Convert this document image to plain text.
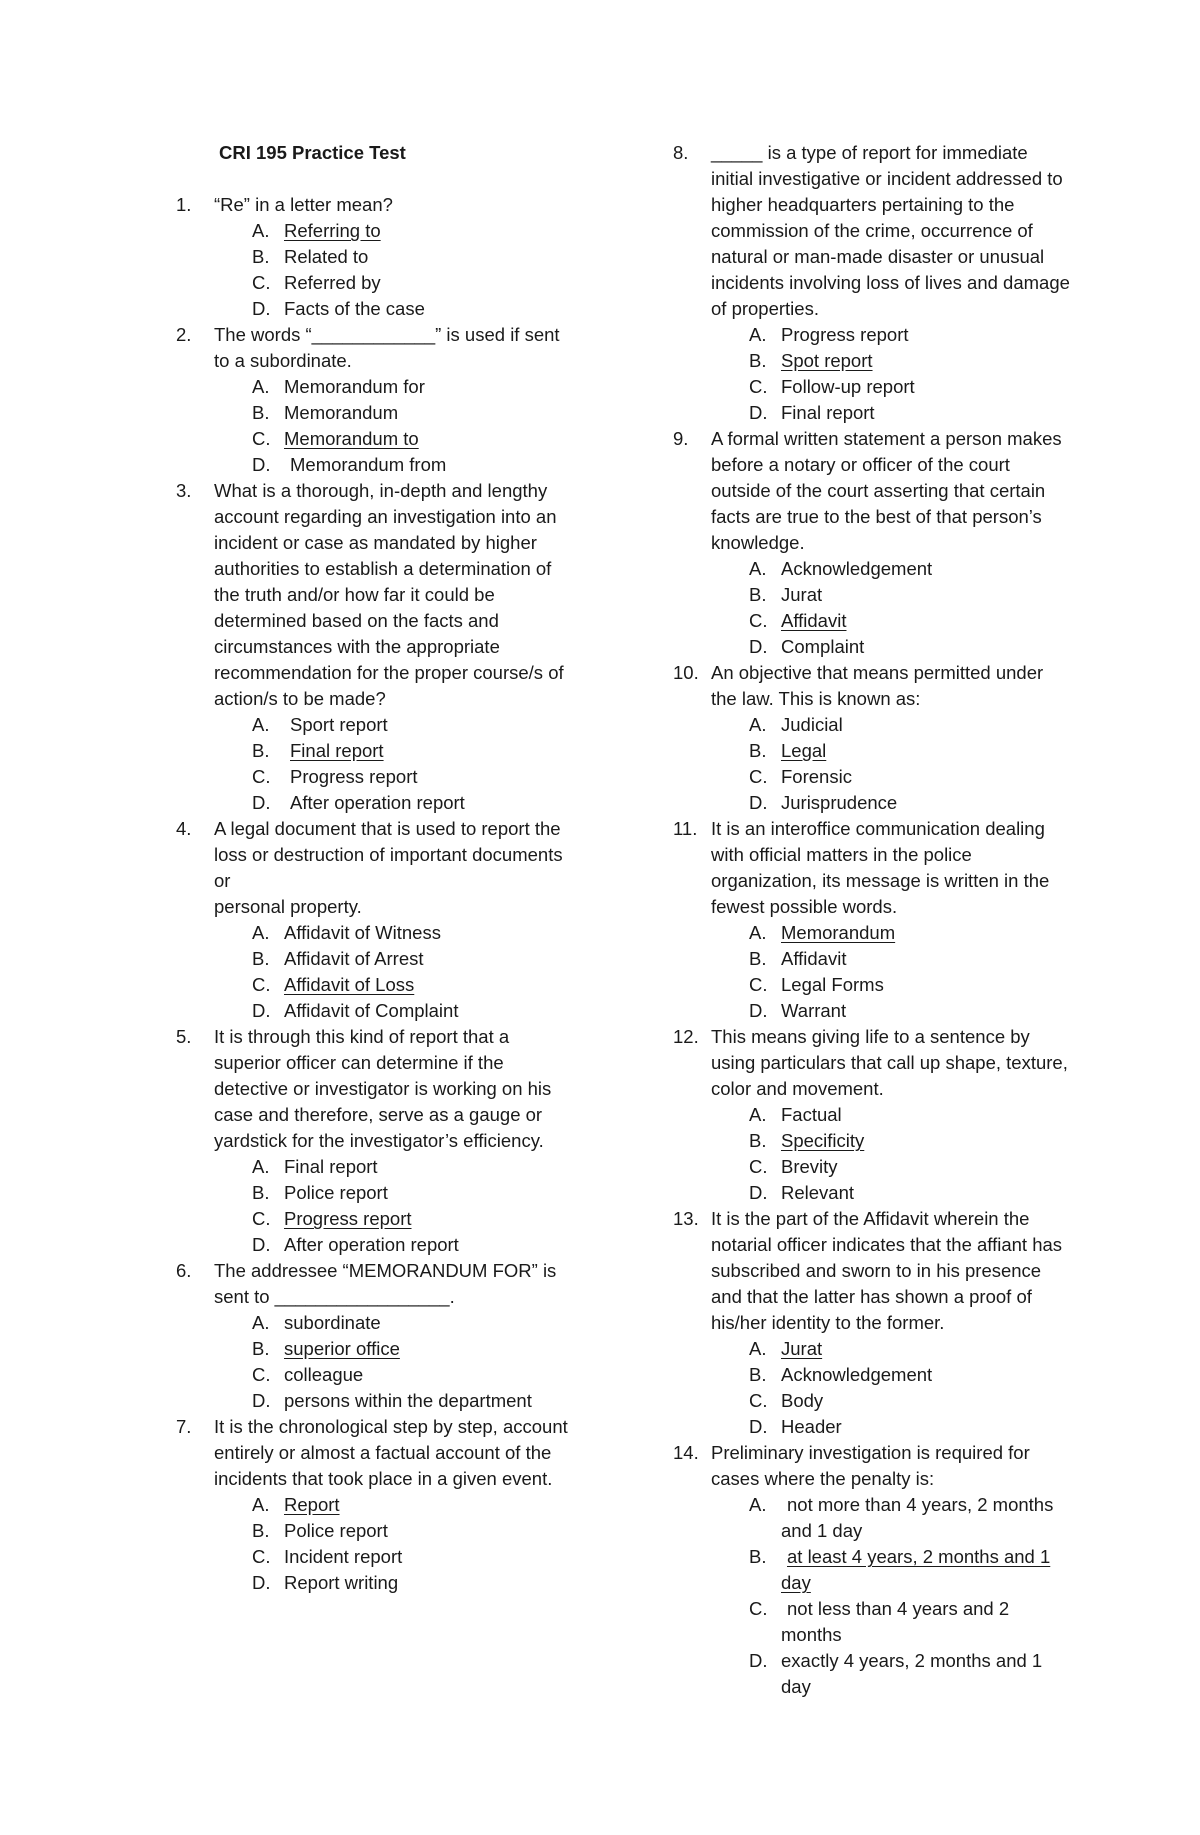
CRI 195 Practice Test
1. “Re” in a letter mean?
A. Referring to
B. Related to
C. Referred by
D. Facts of the case
2. The words “____________” is used if sent to a subordinate.
A. Memorandum for
B. Memorandum
C. Memorandum to
D. Memorandum from
3. What is a thorough, in-depth and lengthy account regarding an investigation into an incident or case as mandated by higher authorities to establish a determination of the truth and/or how far it could be determined based on the facts and circumstances with the appropriate recommendation for the proper course/s of action/s to be made?
A. Sport report
B. Final report
C. Progress report
D. After operation report
4. A legal document that is used to report the loss or destruction of important documents or
personal property.
A. Affidavit of Witness
B. Affidavit of Arrest
C. Affidavit of Loss
D. Affidavit of Complaint
5. It is through this kind of report that a superior officer can determine if the detective or investigator is working on his case and therefore, serve as a gauge or yardstick for the investigator’s efficiency.
A. Final report
B. Police report
C. Progress report
D. After operation report
6. The addressee “MEMORANDUM FOR” is sent to _________________.
A. subordinate
B. superior office
C. colleague
D. persons within the department
7. It is the chronological step by step, account entirely or almost a factual account of the incidents that took place in a given event.
A. Report
B. Police report
C. Incident report
D. Report writing
8. _____ is a type of report for immediate initial investigative or incident addressed to higher headquarters pertaining to the commission of the crime, occurrence of natural or man-made disaster or unusual incidents involving loss of lives and damage of properties.
A. Progress report
B. Spot report
C. Follow-up report
D. Final report
9. A formal written statement a person makes before a notary or officer of the court outside of the court asserting that certain facts are true to the best of that person’s knowledge.
A. Acknowledgement
B. Jurat
C. Affidavit
D. Complaint
10. An objective that means permitted under the law. This is known as:
A. Judicial
B. Legal
C. Forensic
D. Jurisprudence
11. It is an interoffice communication dealing with official matters in the police organization, its message is written in the fewest possible words.
A. Memorandum
B. Affidavit
C. Legal Forms
D. Warrant
12. This means giving life to a sentence by using particulars that call up shape, texture, color and movement.
A. Factual
B. Specificity
C. Brevity
D. Relevant
13. It is the part of the Affidavit wherein the notarial officer indicates that the affiant has subscribed and sworn to in his presence and that the latter has shown a proof of his/her identity to the former.
A. Jurat
B. Acknowledgement
C. Body
D. Header
14. Preliminary investigation is required for cases where the penalty is:
A. not more than 4 years, 2 months and 1 day
B. at least 4 years, 2 months and 1 day
C. not less than 4 years and 2 months
D. exactly 4 years, 2 months and 1 day
